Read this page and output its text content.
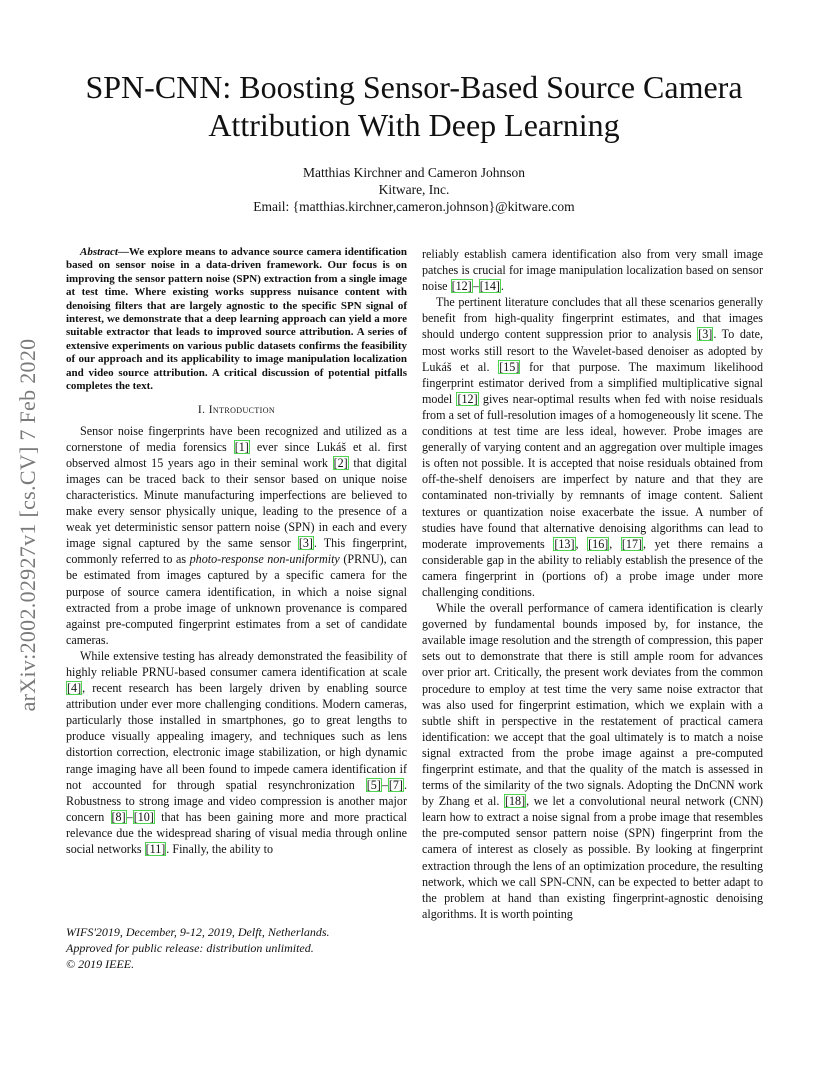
arXiv:2002.02927v1 [cs.CV] 7 Feb 2020
SPN-CNN: Boosting Sensor-Based Source Camera
Attribution With Deep Learning
Matthias Kirchner and Cameron Johnson
Kitware, Inc.
Email: {matthias.kirchner,cameron.johnson}@kitware.com

Abstract—We explore means to advance source camera identification based on sensor noise in a data-driven framework. Our focus is on improving the sensor pattern noise (SPN) extraction from a single image at test time. Where existing works suppress nuisance content with denoising filters that are largely agnostic to the specific SPN signal of interest, we demonstrate that a deep learning approach can yield a more suitable extractor that leads to improved source attribution. A series of extensive experiments on various public datasets confirms the feasibility of our approach and its applicability to image manipulation localization and video source attribution. A critical discussion of potential pitfalls completes the text.

I. Introduction

Sensor noise fingerprints have been recognized and utilized as a cornerstone of media forensics [1] ever since Lukáš et al. first observed almost 15 years ago in their seminal work [2] that digital images can be traced back to their sensor based on unique noise characteristics. Minute manufacturing imperfections are believed to make every sensor physically unique, leading to the presence of a weak yet deterministic sensor pattern noise (SPN) in each and every image signal captured by the same sensor [3]. This fingerprint, commonly referred to as photo-response non-uniformity (PRNU), can be estimated from images captured by a specific camera for the purpose of source camera identification, in which a noise signal extracted from a probe image of unknown provenance is compared against pre-computed fingerprint estimates from a set of candidate cameras.

While extensive testing has already demonstrated the feasibility of highly reliable PRNU-based consumer camera identification at scale [4], recent research has been largely driven by enabling source attribution under ever more challenging conditions. Modern cameras, particularly those installed in smartphones, go to great lengths to produce visually appealing imagery, and techniques such as lens distortion correction, electronic image stabilization, or high dynamic range imaging have all been found to impede camera identification if not accounted for through spatial resynchronization [5]–[7]. Robustness to strong image and video compression is another major concern [8]–[10] that has been gaining more and more practical relevance due the widespread sharing of visual media through online social networks [11]. Finally, the ability to

WIFS'2019, December, 9-12, 2019, Delft, Netherlands.
Approved for public release: distribution unlimited.
© 2019 IEEE.

reliably establish camera identification also from very small image patches is crucial for image manipulation localization based on sensor noise [12]–[14].

The pertinent literature concludes that all these scenarios generally benefit from high-quality fingerprint estimates, and that images should undergo content suppression prior to analysis [3]. To date, most works still resort to the Wavelet-based denoiser as adopted by Lukáš et al. [15] for that purpose. The maximum likelihood fingerprint estimator derived from a simplified multiplicative signal model [12] gives near-optimal results when fed with noise residuals from a set of full-resolution images of a homogeneously lit scene. The conditions at test time are less ideal, however. Probe images are generally of varying content and an aggregation over multiple images is often not possible. It is accepted that noise residuals obtained from off-the-shelf denoisers are imperfect by nature and that they are contaminated non-trivially by remnants of image content. Salient textures or quantization noise exacerbate the issue. A number of studies have found that alternative denoising algorithms can lead to moderate improvements [13], [16], [17], yet there remains a considerable gap in the ability to reliably establish the presence of the camera fingerprint in (portions of) a probe image under more challenging conditions.

While the overall performance of camera identification is clearly governed by fundamental bounds imposed by, for instance, the available image resolution and the strength of compression, this paper sets out to demonstrate that there is still ample room for advances over prior art. Critically, the present work deviates from the common procedure to employ at test time the very same noise extractor that was also used for fingerprint estimation, which we explain with a subtle shift in perspective in the restatement of practical camera identification: we accept that the goal ultimately is to match a noise signal extracted from the probe image against a pre-computed fingerprint estimate, and that the quality of the match is assessed in terms of the similarity of the two signals. Adopting the DnCNN work by Zhang et al. [18], we let a convolutional neural network (CNN) learn how to extract a noise signal from a probe image that resembles the pre-computed sensor pattern noise (SPN) fingerprint from the camera of interest as closely as possible. By looking at fingerprint extraction through the lens of an optimization procedure, the resulting network, which we call SPN-CNN, can be expected to better adapt to the problem at hand than existing fingerprint-agnostic denoising algorithms. It is worth pointing
